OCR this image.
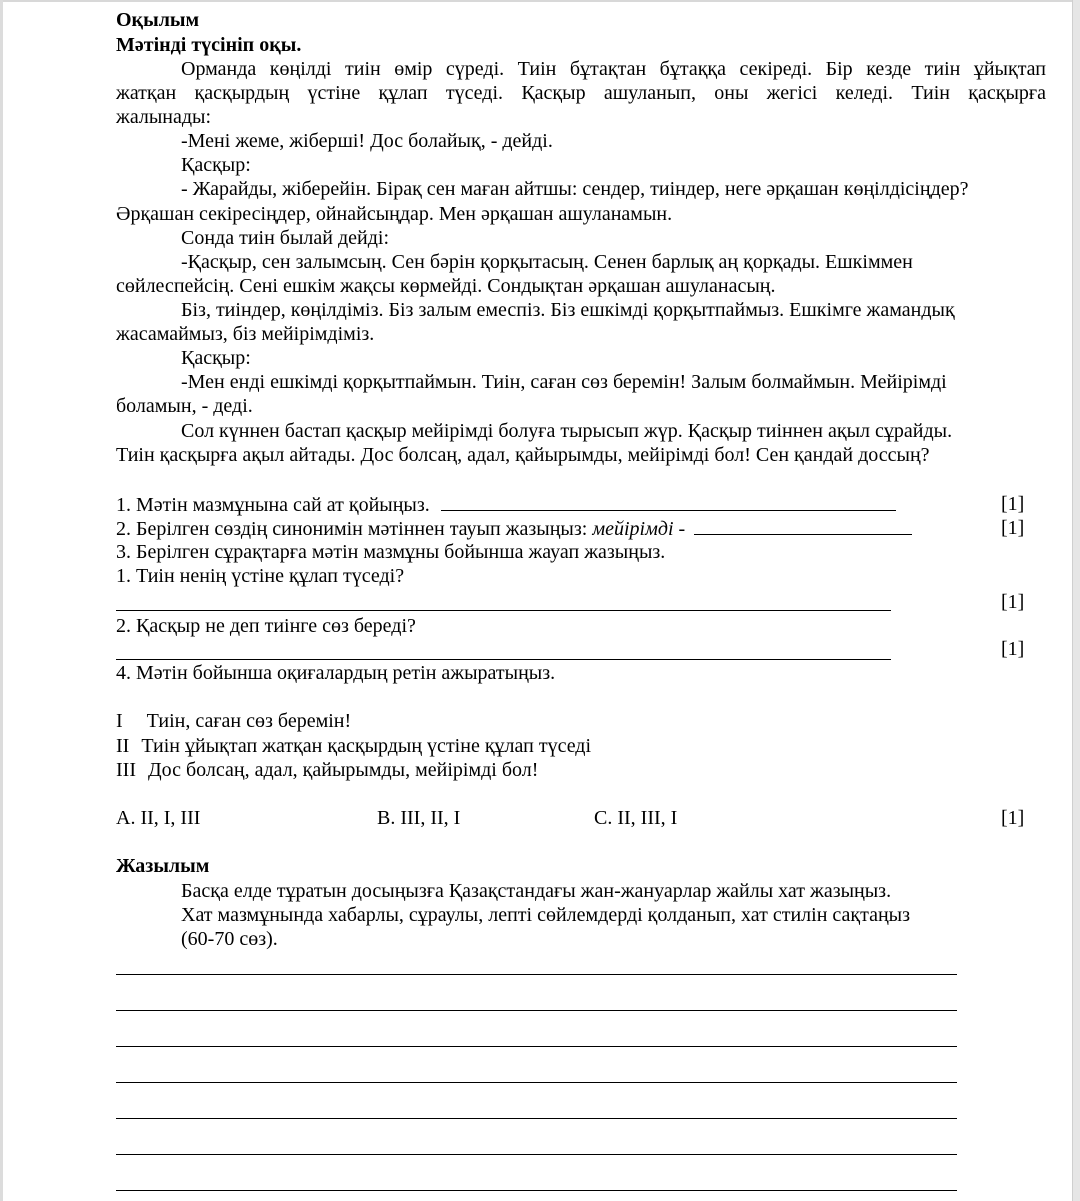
Оқылым
Мәтінді түсініп оқы.
Орманда көңілді тиін өмір сүреді. Тиін бұтақтан бұтаққа секіреді. Бір кезде тиін ұйықтап
жатқан қасқырдың үстіне құлап түседі. Қасқыр ашуланып, оны жегісі келеді. Тиін қасқырға
жалынады:
-Мені жеме, жіберші! Дос болайық, - дейді.
Қасқыр:
- Жарайды, жіберейін. Бірақ сен маған айтшы: сендер, тиіндер, неге әрқашан көңілдісіңдер?
Әрқашан секіресіңдер, ойнайсыңдар. Мен әрқашан ашуланамын.
Сонда тиін былай дейді:
-Қасқыр, сен залымсың. Сен бәрін қорқытасың. Сенен барлық аң қорқады. Ешкіммен
сөйлеспейсің. Сені ешкім жақсы көрмейді. Сондықтан әрқашан ашуланасың.
Біз, тиіндер, көңілдіміз. Біз залым емеспіз. Біз ешкімді қорқытпаймыз. Ешкімге жамандық
жасамаймыз, біз мейірімдіміз.
Қасқыр:
-Мен енді ешкімді қорқытпаймын. Тиін, саған сөз беремін! Залым болмаймын. Мейірімді
боламын, - деді.
Сол күннен бастап қасқыр мейірімді болуға тырысып жүр. Қасқыр тиіннен ақыл сұрайды.
Тиін қасқырға ақыл айтады. Дос болсаң, адал, қайырымды, мейірімді бол! Сен қандай доссың?
1. Мәтін мазмұнына сай ат қойыңыз.	[1]
2. Берілген сөздің синонимін мәтіннен тауып жазыңыз: мейірімді -	[1]
3. Берілген сұрақтарға мәтін мазмұны бойынша жауап жазыңыз.
1. Тиін ненің үстіне құлап түседі?
[1]
2. Қасқыр не деп тиінге сөз береді?
[1]
4. Мәтін бойынша оқиғалардың ретін ажыратыңыз.
I Тиін, саған сөз беремін!
II Тиін ұйықтап жатқан қасқырдың үстіне құлап түседі
III Дос болсаң, адал, қайырымды, мейірімді бол!
A. II, I, III	B. III, II, I	C. II, III, I	[1]
Жазылым
Басқа елде тұратын досыңызға Қазақстандағы жан-жануарлар жайлы хат жазыңыз.
Хат мазмұнында хабарлы, сұраулы, лепті сөйлемдерді қолданып, хат стилін сақтаңыз
(60-70 сөз).
